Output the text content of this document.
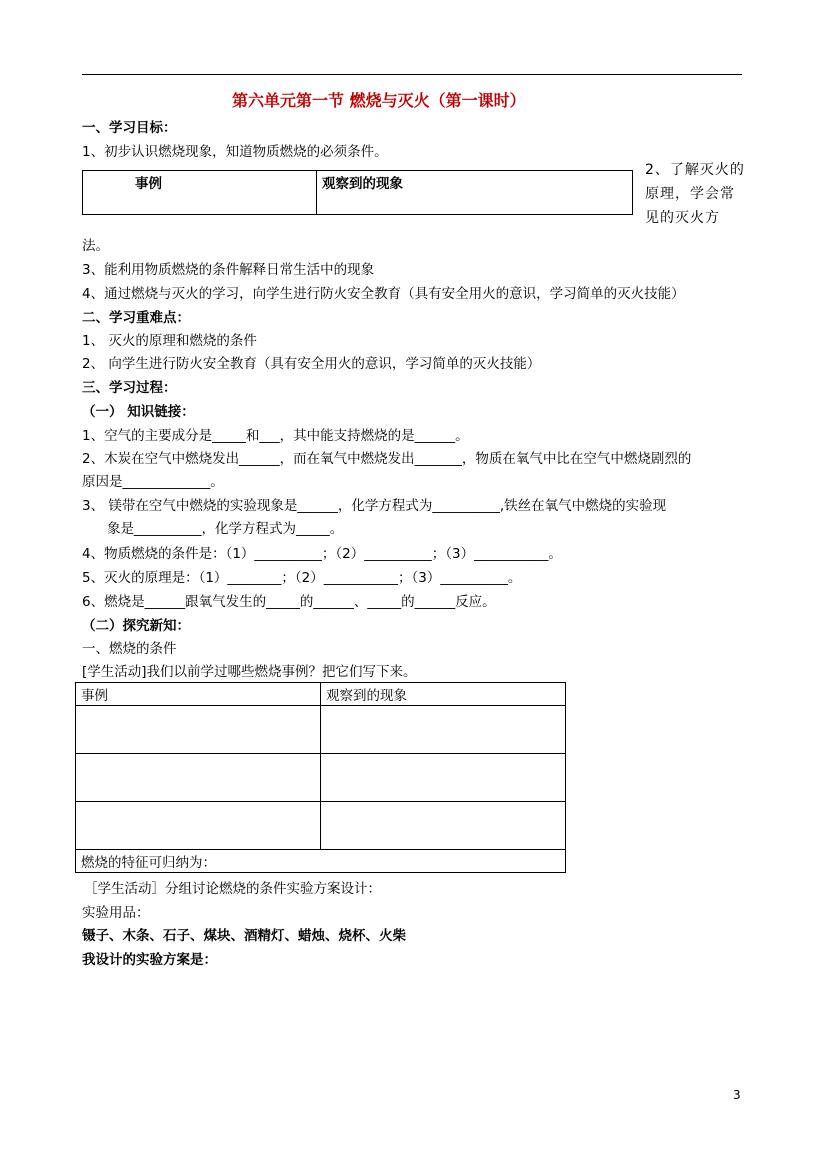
第六单元第一节 燃烧与灭火（第一课时）
一、学习目标：
1、初步认识燃烧现象，知道物质燃烧的必须条件。
事例	观察到的现象
2、了解灭火的原理，学会常见的灭火方
法。
3、能利用物质燃烧的条件解释日常生活中的现象
4、通过燃烧与灭火的学习，向学生进行防火安全教育（具有安全用火的意识，学习简单的灭火技能）
二、学习重难点：
1、 灭火的原理和燃烧的条件
2、 向学生进行防火安全教育（具有安全用火的意识，学习简单的灭火技能）
三、学习过程：
（一） 知识链接：
1、空气的主要成分是_____和___，其中能支持燃烧的是______。
2、木炭在空气中燃烧发出______，而在氧气中燃烧发出_______，物质在氧气中比在空气中燃烧剧烈的
原因是_____________。
3、 镁带在空气中燃烧的实验现象是______，化学方程式为__________,铁丝在氧气中燃烧的实验现
象是__________，化学方程式为_____。
4、物质燃烧的条件是：（1）__________；（2）__________；（3）___________。
5、灭火的原理是：（1）________；（2）___________；（3）__________。
6、燃烧是______跟氧气发生的_____的______、_____的______反应。
（二）探究新知：
一、燃烧的条件
[学生活动]我们以前学过哪些燃烧事例？把它们写下来。
事例	观察到的现象

燃烧的特征可归纳为：	
［学生活动］分组讨论燃烧的条件实验方案设计：
实验用品：
镊子、木条、石子、煤块、酒精灯、蜡烛、烧杯、火柴
我设计的实验方案是：
3
